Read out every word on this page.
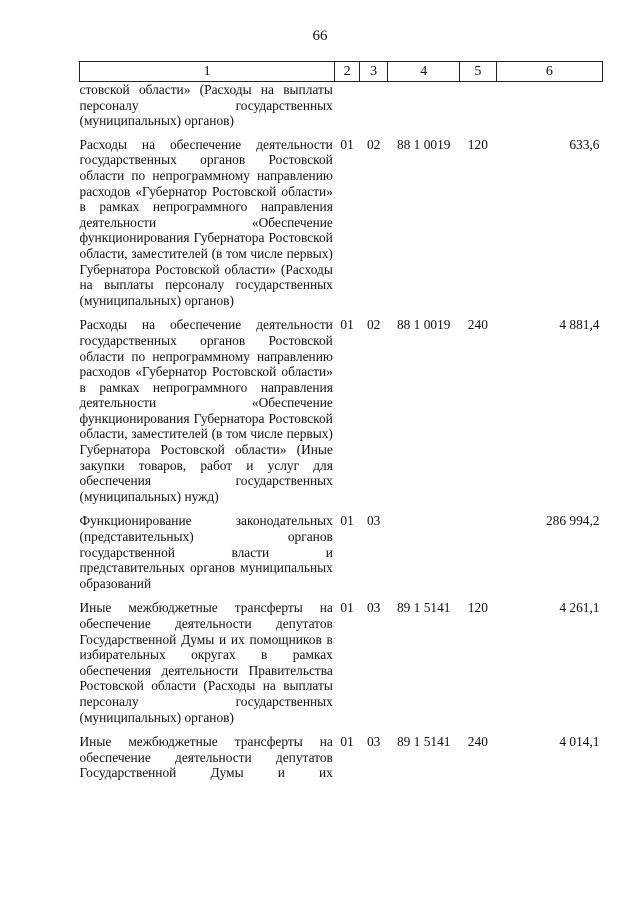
66
1	2	3	4	5	6
стовской области» (Расходы на выплаты персоналу государственных (муниципальных) органов)					
Расходы на обеспечение деятельности государственных органов Ростовской области по непрограммному направлению расходов «Губернатор Ростовской области» в рамках непрограммного направления деятельности «Обеспечение функционирования Губернатора Ростовской области, заместителей (в том числе первых) Губернатора Ростовской области» (Расходы на выплаты персоналу государственных (муниципальных) органов)	01	02	88 1 0019	120	633,6
Расходы на обеспечение деятельности государственных органов Ростовской области по непрограммному направлению расходов «Губернатор Ростовской области» в рамках непрограммного направления деятельности «Обеспечение функционирования Губернатора Ростовской области, заместителей (в том числе первых) Губернатора Ростовской области» (Иные закупки товаров, работ и услуг для обеспечения государственных (муниципальных) нужд)	01	02	88 1 0019	240	4 881,4
Функционирование законодательных (представительных) органов государственной власти и представительных органов муниципальных образований	01	03			286 994,2
Иные межбюджетные трансферты на обеспечение деятельности депутатов Государственной Думы и их помощников в избирательных округах в рамках обеспечения деятельности Правительства Ростовской области (Расходы на выплаты персоналу государственных (муниципальных) органов)	01	03	89 1 5141	120	4 261,1
Иные межбюджетные трансферты на обеспечение деятельности депутатов Государственной Думы и их	01	03	89 1 5141	240	4 014,1
